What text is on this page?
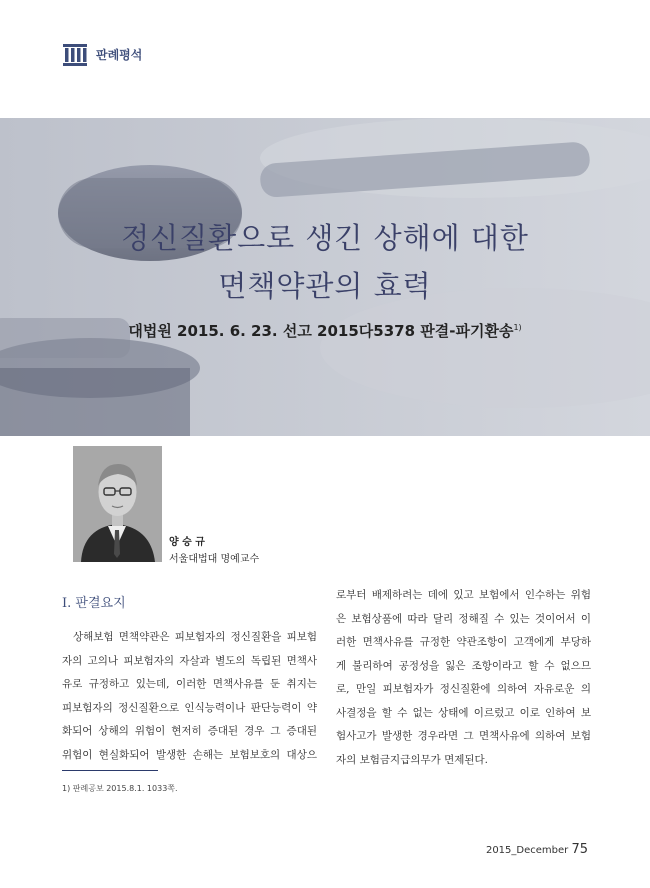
판례평석
정신질환으로 생긴 상해에 대한
면책약관의 효력
대법원 2015. 6. 23. 선고 2015다5378 판결-파기환송$^{1)}$
양 승 규
서울대법대 명예교수
Ⅰ. 판결요지
상해보험 면책약관은 피보험자의 정신질환을 피보험
자의 고의나 피보험자의 자살과 별도의 독립된 면책사
유로 규정하고 있는데, 이러한 면책사유를 둔 취지는
피보험자의 정신질환으로 인식능력이나 판단능력이 약
화되어 상해의 위험이 현저히 증대된 경우 그 증대된
위험이 현실화되어 발생한 손해는 보험보호의 대상으
로부터 배제하려는 데에 있고 보험에서 인수하는 위험
은 보험상품에 따라 달리 정해질 수 있는 것이어서 이
러한 면책사유를 규정한 약관조항이 고객에게 부당하
게 불리하여 공정성을 잃은 조항이라고 할 수 없으므
로, 만일 피보험자가 정신질환에 의하여 자유로운 의
사결정을 할 수 없는 상태에 이르렀고 이로 인하여 보
험사고가 발생한 경우라면 그 면책사유에 의하여 보험
자의 보험금지급의무가 면제된다.
1) 판례공보 2015.8.1. 1033쪽.
2015_December 75
